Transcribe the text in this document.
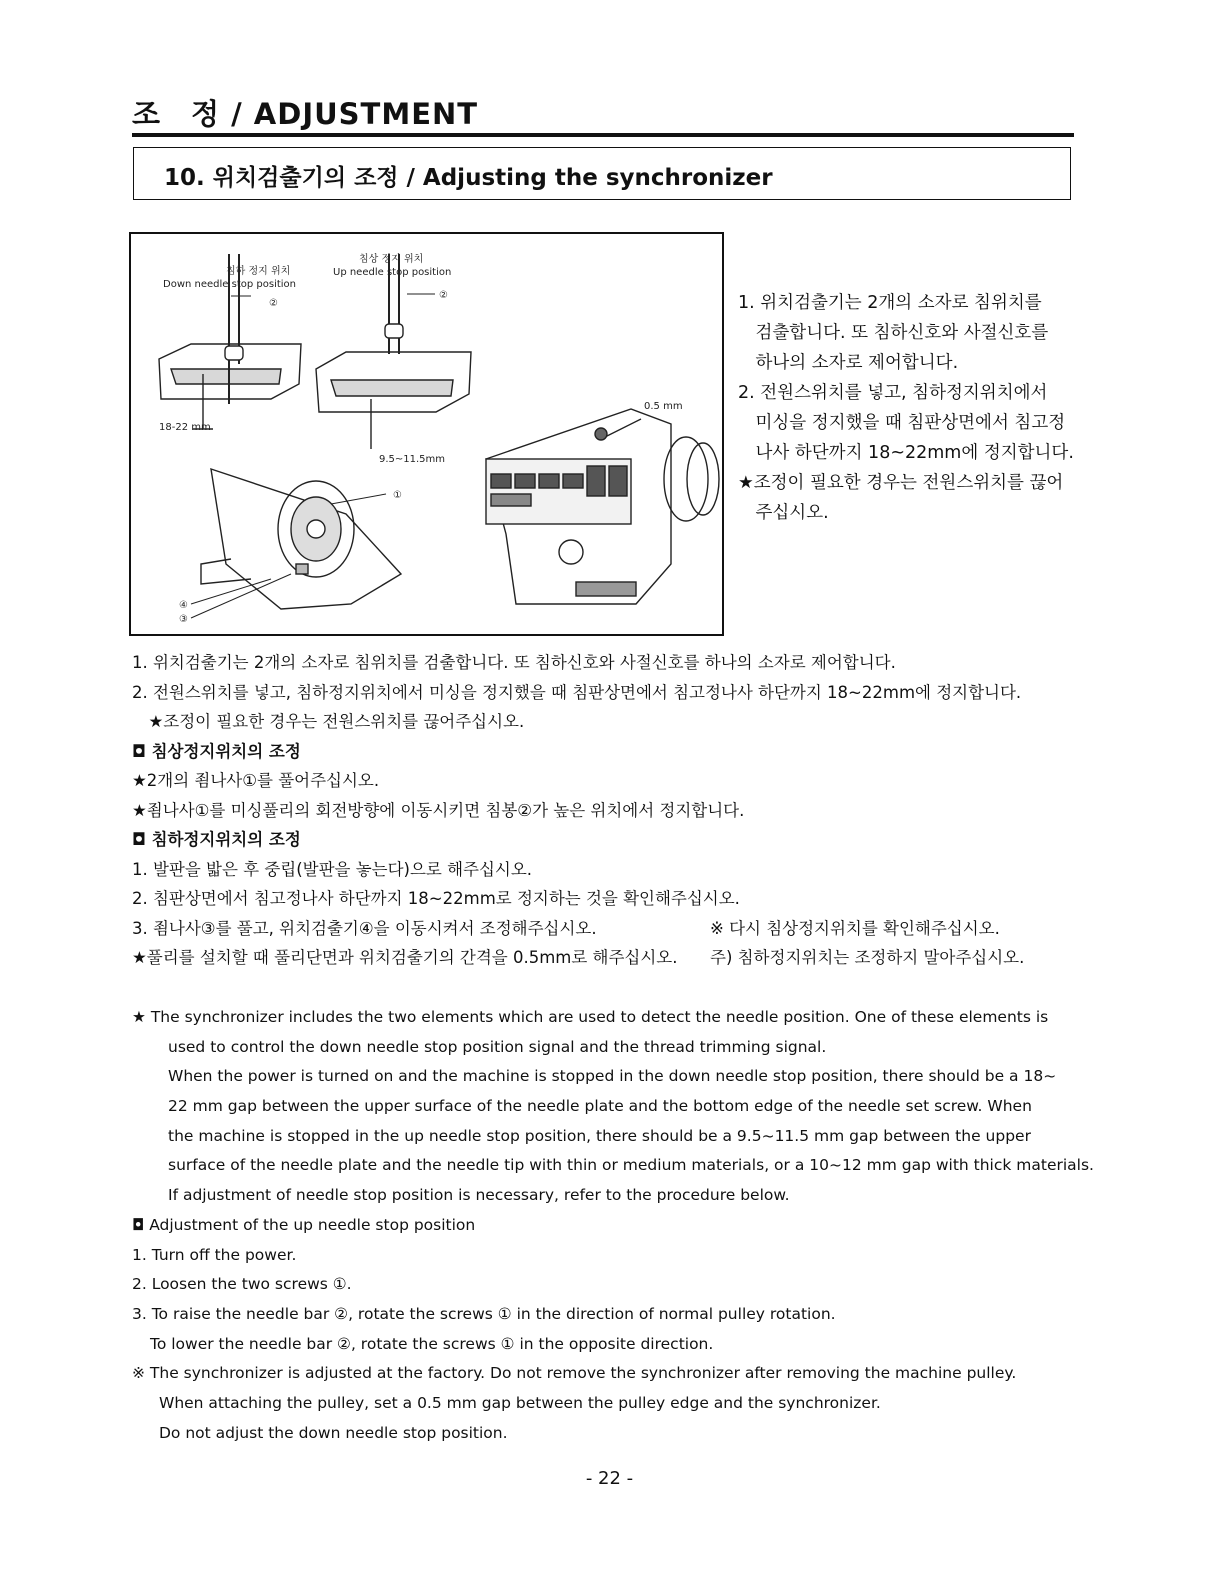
조　정 / ADJUSTMENT
10. 위치검출기의 조정 / Adjusting the synchronizer
침하 정지 위치
Down needle stop position
침상 정지 위치
Up needle stop position
②
②
①
④
③
18-22 mm
9.5~11.5mm
0.5 mm
1. 위치검출기는 2개의 소자로 침위치를
　검출합니다. 또 침하신호와 사절신호를
　하나의 소자로 제어합니다.
2. 전원스위치를 넣고, 침하정지위치에서
　미싱을 정지했을 때 침판상면에서 침고정
　나사 하단까지 18~22mm에 정지합니다.
★조정이 필요한 경우는 전원스위치를 끊어
　주십시오.
1. 위치검출기는 2개의 소자로 침위치를 검출합니다. 또 침하신호와 사절신호를 하나의 소자로 제어합니다.
2. 전원스위치를 넣고, 침하정지위치에서 미싱을 정지했을 때 침판상면에서 침고정나사 하단까지 18~22mm에 정지합니다.
　★조정이 필요한 경우는 전원스위치를 끊어주십시오.
◘ 침상정지위치의 조정
★2개의 죔나사①를 풀어주십시오.
★죔나사①를 미싱풀리의 회전방향에 이동시키면 침봉②가 높은 위치에서 정지합니다.
◘ 침하정지위치의 조정
1. 발판을 밟은 후 중립(발판을 놓는다)으로 해주십시오.
2. 침판상면에서 침고정나사 하단까지 18~22mm로 정지하는 것을 확인해주십시오.
3. 죔나사③를 풀고, 위치검출기④을 이동시켜서 조정해주십시오.	※ 다시 침상정지위치를 확인해주십시오.
★풀리를 설치할 때 풀리단면과 위치검출기의 간격을 0.5mm로 해주십시오. 주) 침하정지위치는 조정하지 말아주십시오.
★ The synchronizer includes the two elements which are used to detect the needle position. One of these elements is
used to control the down needle stop position signal and the thread trimming signal.
When the power is turned on and the machine is stopped in the down needle stop position, there should be a 18~
22 mm gap between the upper surface of the needle plate and the bottom edge of the needle set screw. When
the machine is stopped in the up needle stop position, there should be a 9.5~11.5 mm gap between the upper
surface of the needle plate and the needle tip with thin or medium materials, or a 10~12 mm gap with thick materials.
If adjustment of needle stop position is necessary, refer to the procedure below.
◘ Adjustment of the up needle stop position
1. Turn off the power.
2. Loosen the two screws ①.
3. To raise the needle bar ②, rotate the screws ① in the direction of normal pulley rotation.
To lower the needle bar ②, rotate the screws ① in the opposite direction.
※ The synchronizer is adjusted at the factory. Do not remove the synchronizer after removing the machine pulley.
When attaching the pulley, set a 0.5 mm gap between the pulley edge and the synchronizer.
Do not adjust the down needle stop position.
- 22 -
